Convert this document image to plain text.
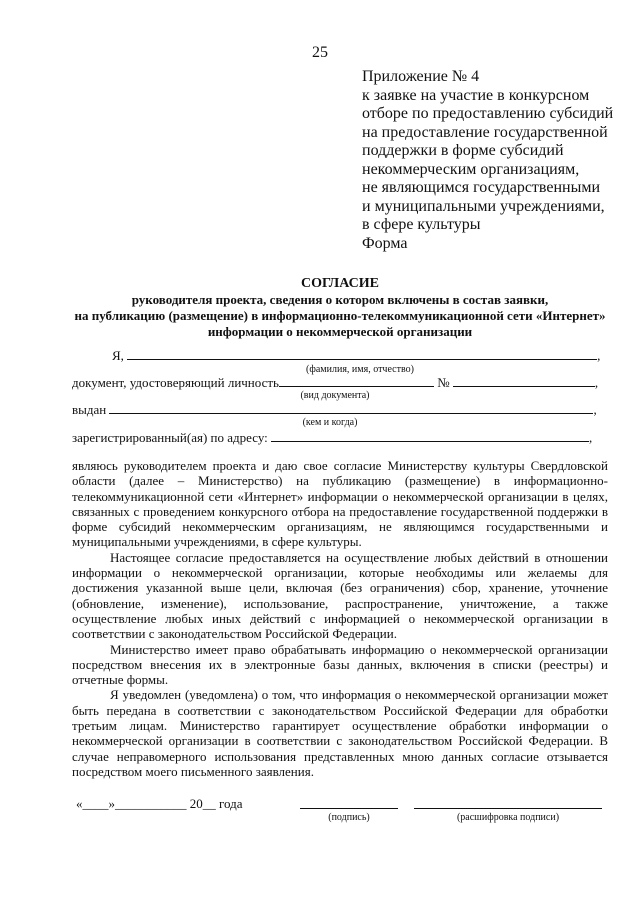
25
Приложение № 4
к заявке на участие в конкурсном
отборе по предоставлению субсидий
на предоставление государственной
поддержки в форме субсидий
некоммерческим организациям,
не являющимся государственными
и муниципальными учреждениями,
в сфере культуры
Форма
СОГЛАСИЕ
руководителя проекта, сведения о котором включены в состав заявки,
на публикацию (размещение) в информационно-телекоммуникационной сети «Интернет»
информации о некоммерческой организации
Я,	,
(фамилия, имя, отчество)
документ, удостоверяющий личность	№	,
(вид документа)
выдан	,
(кем и когда)
зарегистрированный(ая) по адресу:	,

являюсь руководителем проекта и даю свое согласие Министерству культуры Свердловской области (далее – Министерство) на публикацию (размещение) в информационно-телекоммуникационной сети «Интернет» информации о некоммерческой организации в целях, связанных с проведением конкурсного отбора на предоставление государственной поддержки в форме субсидий некоммерческим организациям, не являющимся государственными и муниципальными учреждениями, в сфере культуры.

Настоящее согласие предоставляется на осуществление любых действий в отношении информации о некоммерческой организации, которые необходимы или желаемы для достижения указанной выше цели, включая (без ограничения) сбор, хранение, уточнение (обновление, изменение), использование, распространение, уничтожение, а также осуществление любых иных действий с информацией о некоммерческой организации в соответствии с законодательством Российской Федерации.

Министерство имеет право обрабатывать информацию о некоммерческой организации посредством внесения их в электронные базы данных, включения в списки (реестры) и отчетные формы.

Я уведомлен (уведомлена) о том, что информация о некоммерческой организации может быть передана в соответствии с законодательством Российской Федерации для обработки третьим лицам. Министерство гарантирует осуществление обработки информации о некоммерческой организации в соответствии с законодательством Российской Федерации. В случае неправомерного использования представленных мною данных согласие отзывается посредством моего письменного заявления.

«____»___________ 20__ года
(подпись)	(расшифровка подписи)
